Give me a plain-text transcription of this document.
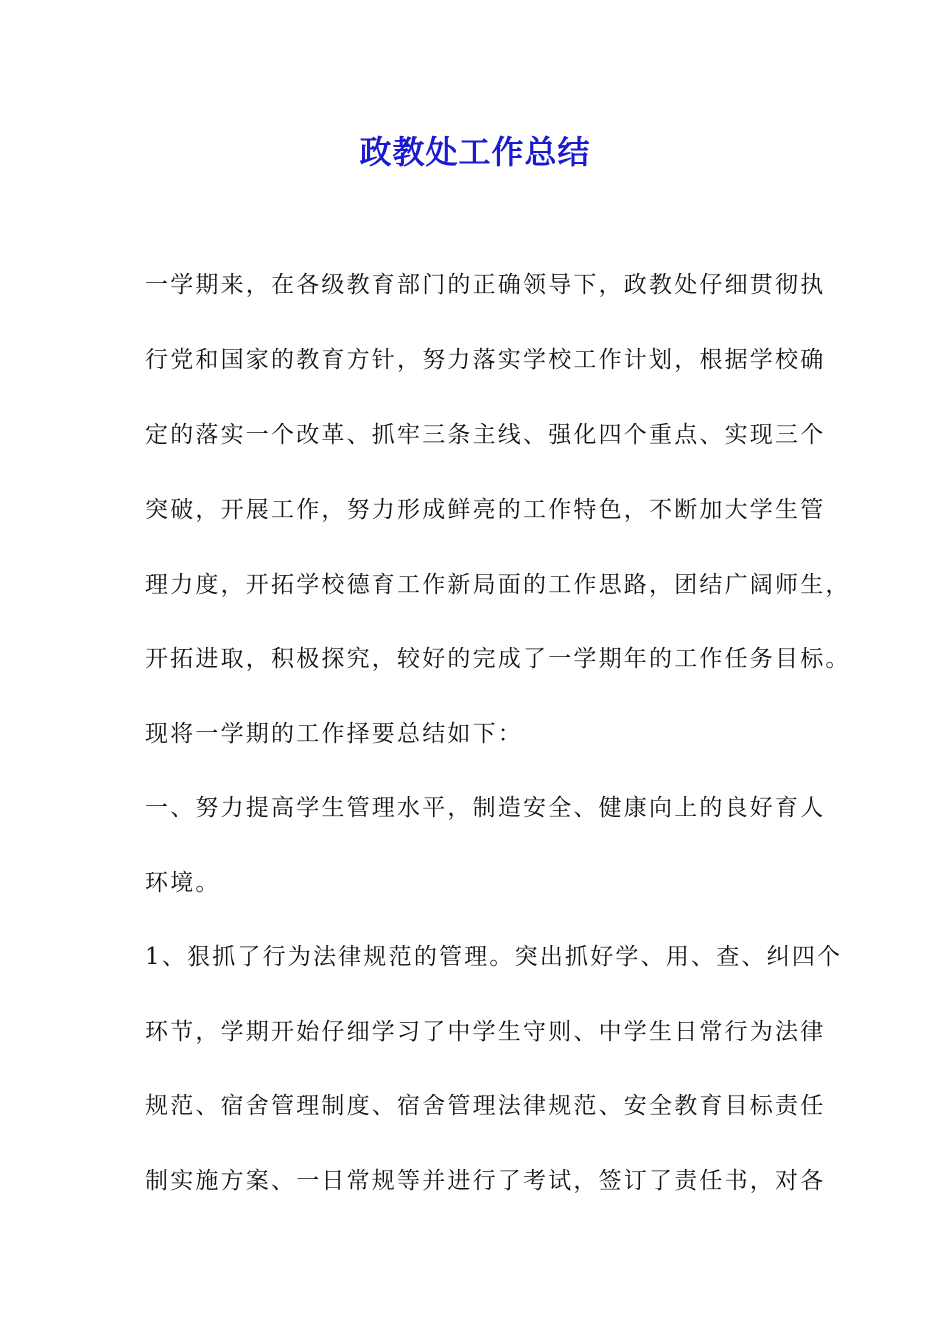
政教处工作总结
一学期来，在各级教育部门的正确领导下，政教处仔细贯彻执
行党和国家的教育方针，努力落实学校工作计划，根据学校确
定的落实一个改革、抓牢三条主线、强化四个重点、实现三个
突破，开展工作，努力形成鲜亮的工作特色，不断加大学生管
理力度，开拓学校德育工作新局面的工作思路，团结广阔师生，
开拓进取，积极探究，较好的完成了一学期年的工作任务目标。
现将一学期的工作择要总结如下：
一、努力提高学生管理水平，制造安全、健康向上的良好育人
环境。
1、狠抓了行为法律规范的管理。突出抓好学、用、查、纠四个
环节，学期开始仔细学习了中学生守则、中学生日常行为法律
规范、宿舍管理制度、宿舍管理法律规范、安全教育目标责任
制实施方案、一日常规等并进行了考试，签订了责任书，对各
